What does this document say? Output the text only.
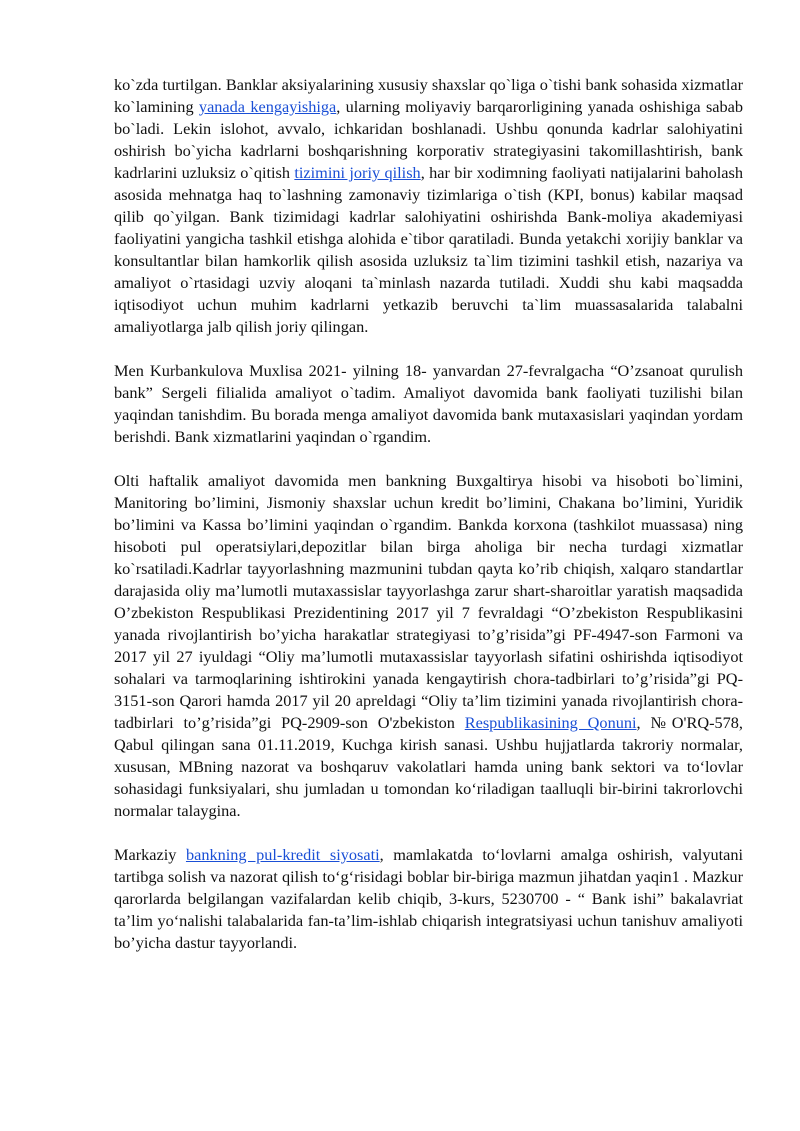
ko`zda turtilgan. Banklar aksiyalarining xususiy shaxslar qo`liga o`tishi bank sohasida xizmatlar ko`lamining yanada kengayishiga, ularning moliyaviy barqarorligining yanada oshishiga sabab bo`ladi. Lekin islohot, avvalo, ichkaridan boshlanadi. Ushbu qonunda kadrlar salohiyatini oshirish bo`yicha kadrlarni boshqarishning korporativ strategiyasini takomillashtirish, bank kadrlarini uzluksiz o`qitish tizimini joriy qilish, har bir xodimning faoliyati natijalarini baholash asosida mehnatga haq to`lashning zamonaviy tizimlariga o`tish (KPI, bonus) kabilar maqsad qilib qo`yilgan. Bank tizimidagi kadrlar salohiyatini oshirishda Bank-moliya akademiyasi faoliyatini yangicha tashkil etishga alohida e`tibor qaratiladi. Bunda yetakchi xorijiy banklar va konsultantlar bilan hamkorlik qilish asosida uzluksiz ta`lim tizimini tashkil etish, nazariya va amaliyot o`rtasidagi uzviy aloqani ta`minlash nazarda tutiladi. Xuddi shu kabi maqsadda iqtisodiyot uchun muhim kadrlarni yetkazib beruvchi ta`lim muassasalarida talabalni amaliyotlarga jalb qilish joriy qilingan.

Men Kurbankulova Muxlisa 2021- yilning 18- yanvardan 27-fevralgacha “O’zsanoat qurulish bank” Sergeli filialida amaliyot o`tadim. Amaliyot davomida bank faoliyati tuzilishi bilan yaqindan tanishdim. Bu borada menga amaliyot davomida bank mutaxasislari yaqindan yordam berishdi. Bank xizmatlarini yaqindan o`rgandim.

Olti haftalik amaliyot davomida men bankning Buxgaltirya hisobi va hisoboti bo`limini, Manitoring bo’limini, Jismoniy shaxslar uchun kredit bo’limini, Chakana bo’limini, Yuridik bo’limini va Kassa bo’limini yaqindan o`rgandim. Bankda korxona (tashkilot muassasa) ning hisoboti pul operatsiylari,depozitlar bilan birga aholiga bir necha turdagi xizmatlar ko`rsatiladi.Kadrlar tayyorlashning mazmunini tubdan qayta ko’rib chiqish, xalqaro standartlar darajasida oliy ma’lumotli mutaxassislar tayyorlashga zarur shart-sharoitlar yaratish maqsadida O’zbekiston Respublikasi Prezidentining 2017 yil 7 fevraldagi “O’zbekiston Respublikasini yanada rivojlantirish bo’yicha harakatlar strategiyasi to’g’risida”gi PF-4947-son Farmoni va 2017 yil 27 iyuldagi “Oliy ma’lumotli mutaxassislar tayyorlash sifatini oshirishda iqtisodiyot sohalari va tarmoqlarining ishtirokini yanada kengaytirish chora-tadbirlari to’g’risida”gi PQ-3151-son Qarori hamda 2017 yil 20 apreldagi “Oliy ta’lim tizimini yanada rivojlantirish chora-tadbirlari to’g’risida”gi PQ-2909-son O'zbekiston Respublikasining Qonuni, №O'RQ-578, Qabul qilingan sana 01.11.2019, Kuchga kirish sanasi. Ushbu hujjatlarda takroriy normalar, xususan, MBning nazorat va boshqaruv vakolatlari hamda uning bank sektori va to‘lovlar sohasidagi funksiyalari, shu jumladan u tomondan ko‘riladigan taalluqli bir-birini takrorlovchi normalar talaygina.

Markaziy bankning pul-kredit siyosati, mamlakatda to‘lovlarni amalga oshirish, valyutani tartibga solish va nazorat qilish to‘g‘risidagi boblar bir-biriga mazmun jihatdan yaqin1 . Mazkur qarorlarda belgilangan vazifalardan kelib chiqib, 3-kurs, 5230700 - “ Bank ishi” bakalavriat ta’lim yo‘nalishi talabalarida fan-ta’lim-ishlab chiqarish integratsiyasi uchun tanishuv amaliyoti bo’yicha dastur tayyorlandi.
